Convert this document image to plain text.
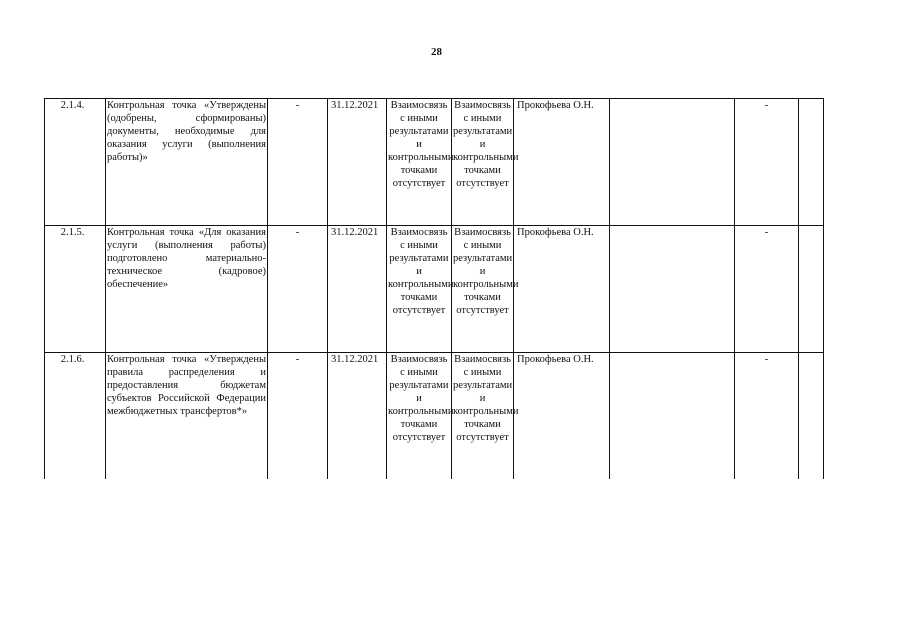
28
2.1.4.	Контрольная точка «Утверждены (одобрены, сформированы) документы, необходимые для оказания услуги (выполнения работы)»	-	31.12.2021	Взаимосвязь с иными результатами и контрольными точками отсутствует	Взаимосвязь с иными результатами и контрольными точками отсутствует	Прокофьева О.Н.		-	
2.1.5.	Контрольная точка «Для оказания услуги (выполнения работы) подготовлено материально-техническое (кадровое) обеспечение»	-	31.12.2021	Взаимосвязь с иными результатами и контрольными точками отсутствует	Взаимосвязь с иными результатами и контрольными точками отсутствует	Прокофьева О.Н.		-	
2.1.6.	Контрольная точка «Утверждены правила распределения и предоставления бюджетам субъектов Российской Федерации межбюджетных трансфертов*»	-	31.12.2021	Взаимосвязь с иными результатами и контрольными точками отсутствует	Взаимосвязь с иными результатами и контрольными точками отсутствует	Прокофьева О.Н.		-	
